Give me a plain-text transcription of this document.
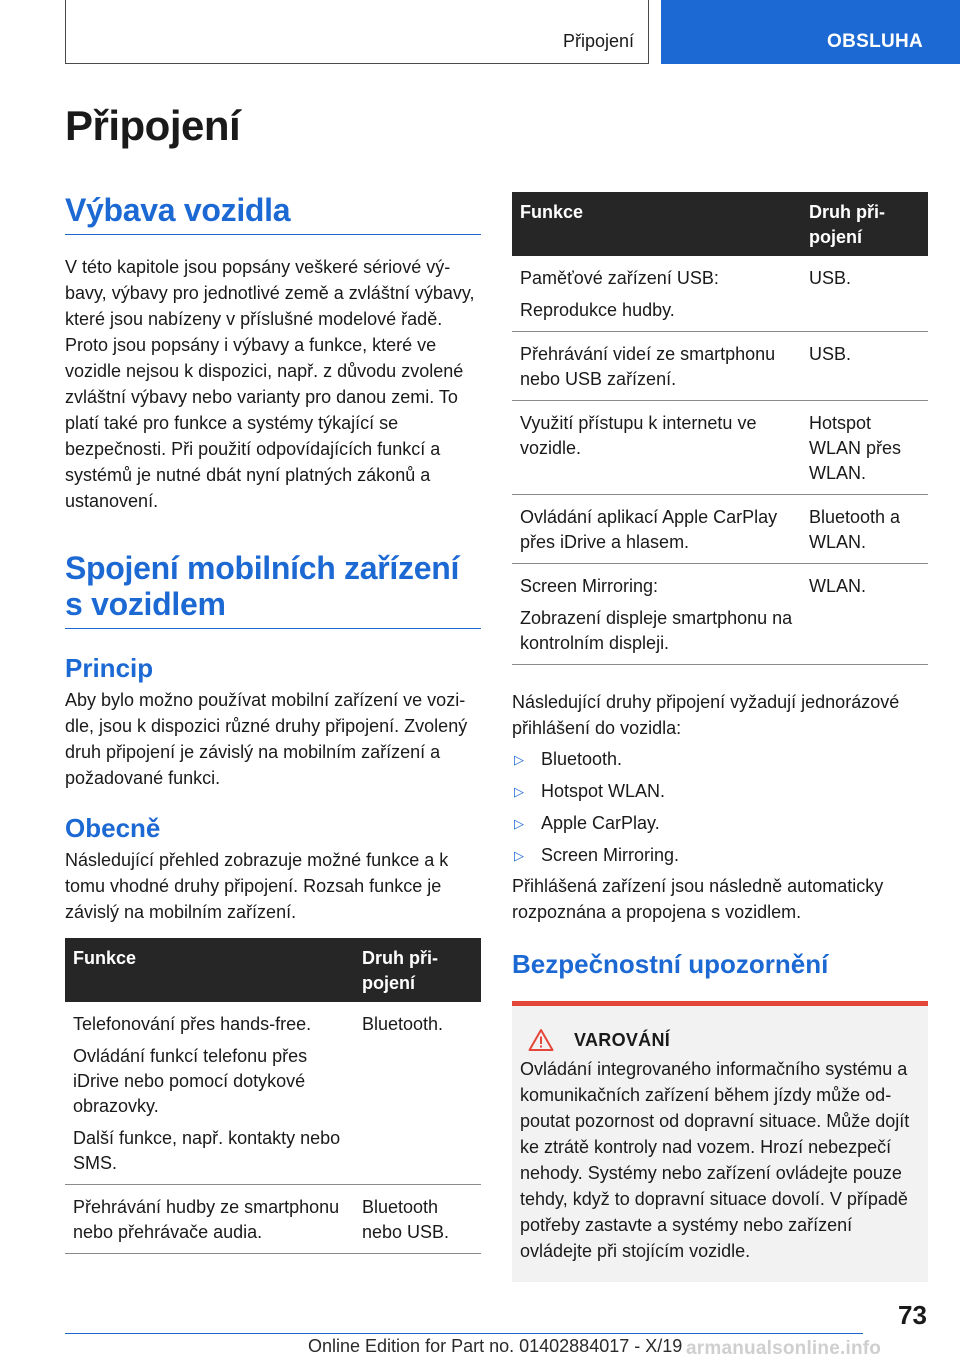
Připojení	OBSLUHA
Připojení
Výbava vozidla

V této kapitole jsou popsány veškeré sériové výbavy, výbavy pro jednotlivé země a zvláštní výbavy, které jsou nabízeny v příslušné modelové řadě. Proto jsou popsány i výbavy a funkce, které ve vozidle nejsou k dispozici, např. z důvodu zvolené zvláštní výbavy nebo varianty pro danou zemi. To platí také pro funkce a systémy týkající se bezpečnosti. Při použití odpovídajících funkcí a systémů je nutné dbát nyní platných zákonů a ustanovení.

Spojení mobilních zařízení s vozidlem
Princip

Aby bylo možno používat mobilní zařízení ve vozidle, jsou k dispozici různé druhy připojení. Zvolený druh připojení je závislý na mobilním zařízení a požadované funkci.

Obecně

Následující přehled zobrazuje možné funkce a k tomu vhodné druhy připojení. Rozsah funkce je závislý na mobilním zařízení.

Funkce	Druh připojení

Telefonování přes hands-free.

Ovládání funkcí telefonu přes iDrive nebo pomocí dotykové obrazovky.

Další funkce, např. kontakty nebo SMS.	Bluetooth.

Přehrávání hudby ze smartphonu nebo přehrávače audia.	Bluetooth nebo USB.

Funkce	Druh připojení

Paměťové zařízení USB:

Reprodukce hudby.	USB.

Přehrávání videí ze smartphonu nebo USB zařízení.	USB.

Využití přístupu k internetu ve vozidle.	Hotspot WLAN přes WLAN.

Ovládání aplikací Apple CarPlay přes iDrive a hlasem.	Bluetooth a WLAN.

Screen Mirroring:

Zobrazení displeje smartphonu na kontrolním displeji.	WLAN.

Následující druhy připojení vyžadují jednorázové přihlášení do vozidla:

▷ Bluetooth.
▷ Hotspot WLAN.
▷ Apple CarPlay.
▷ Screen Mirroring.

Přihlášená zařízení jsou následně automaticky rozpoznána a propojena s vozidlem.

Bezpečnostní upozornění
VAROVÁNÍ

Ovládání integrovaného informačního systému a komunikačních zařízení během jízdy může odpoutat pozornost od dopravní situace. Může dojít ke ztrátě kontroly nad vozem. Hrozí nebezpečí nehody. Systémy nebo zařízení ovládejte pouze tehdy, když to dopravní situace dovolí. V případě potřeby zastavte a systémy nebo zařízení ovládejte při stojícím vozidle.

73
Online Edition for Part no. 01402884017 - X/19 armanualsonline.info
